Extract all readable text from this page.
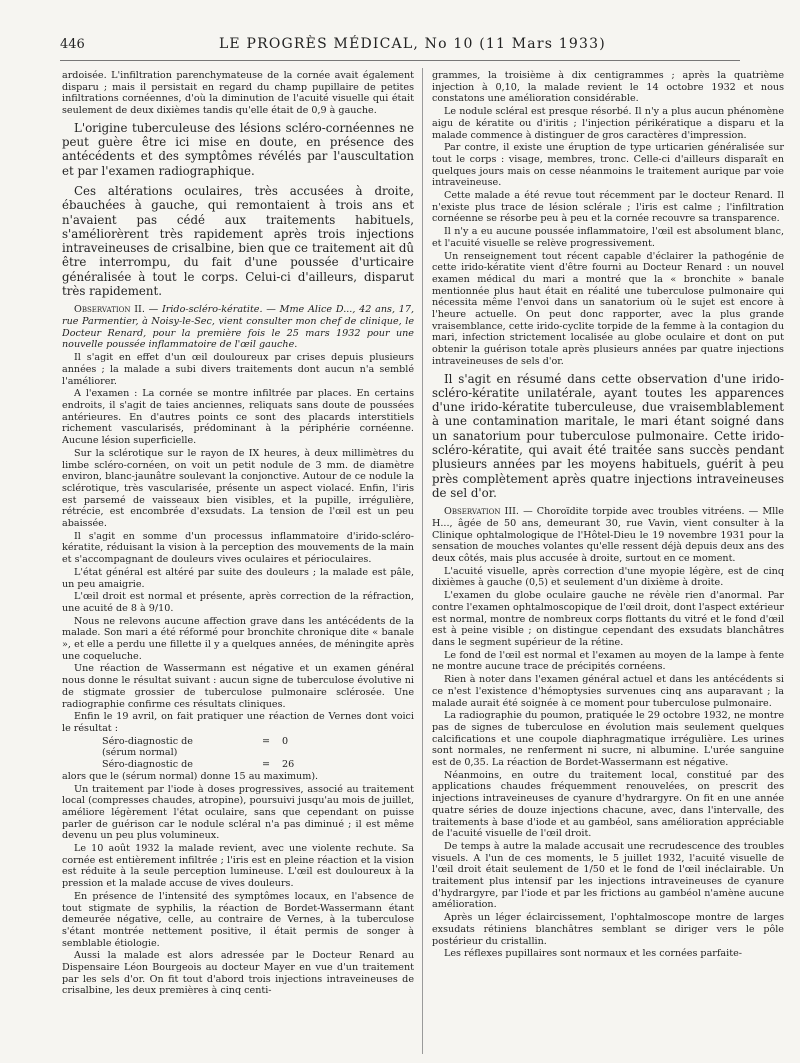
446	LE PROGRÈS MÉDICAL, No 10 (11 Mars 1933)

ardoisée. L'infiltration parenchymateuse de la cornée avait également disparu ; mais il persistait en regard du champ pupillaire de petites infiltrations cornéennes, d'où la diminution de l'acuité visuelle qui était seulement de deux dixièmes tandis qu'elle était de 0,9 à gauche.

L'origine tuberculeuse des lésions scléro-cornéennes ne peut guère être ici mise en doute, en présence des antécédents et des symptômes révélés par l'auscultation et par l'examen radiographique.

Ces altérations oculaires, très accusées à droite, ébauchées à gauche, qui remontaient à trois ans et n'avaient pas cédé aux traitements habituels, s'améliorèrent très rapidement après trois injections intraveineuses de crisalbine, bien que ce traitement ait dû être interrompu, du fait d'une poussée d'urticaire généralisée à tout le corps. Celui-ci d'ailleurs, disparut très rapidement.

Observation II. — Irido-scléro-kératite. — Mme Alice D..., 42 ans, 17, rue Parmentier, à Noisy-le-Sec, vient consulter mon chef de clinique, le Docteur Renard, pour la première fois le 25 mars 1932 pour une nouvelle poussée inflammatoire de l'œil gauche.

Il s'agit en effet d'un œil douloureux par crises depuis plusieurs années ; la malade a subi divers traitements dont aucun n'a semblé l'améliorer.

A l'examen : La cornée se montre infiltrée par places. En certains endroits, il s'agit de taies anciennes, reliquats sans doute de poussées antérieures. En d'autres points ce sont des placards interstitiels richement vascularisés, prédominant à la périphérie cornéenne. Aucune lésion superficielle.

Sur la sclérotique sur le rayon de IX heures, à deux millimètres du limbe scléro-cornéen, on voit un petit nodule de 3 mm. de diamètre environ, blanc-jaunâtre soulevant la conjonctive. Autour de ce nodule la sclérotique, très vascularisée, présente un aspect violacé. Enfin, l'iris est parsemé de vaisseaux bien visibles, et la pupille, irrégulière, rétrécie, est encombrée d'exsudats. La tension de l'œil est un peu abaissée.

Il s'agit en somme d'un processus inflammatoire d'irido-scléro-kératite, réduisant la vision à la perception des mouvements de la main et s'accompagnant de douleurs vives oculaires et périoculaires.

L'état général est altéré par suite des douleurs ; la malade est pâle, un peu amaigrie.

L'œil droit est normal et présente, après correction de la réfraction, une acuité de 8 à 9/10.

Nous ne relevons aucune affection grave dans les antécédents de la malade. Son mari a été réformé pour bronchite chronique dite « banale », et elle a perdu une fillette il y a quelques années, de méningite après une coqueluche.

Une réaction de Wassermann est négative et un examen général nous donne le résultat suivant : aucun signe de tuberculose évolutive ni de stigmate grossier de tuberculose pulmonaire sclérosée. Une radiographie confirme ces résultats cliniques.

Enfin le 19 avril, on fait pratiquer une réaction de Vernes dont voici le résultat :

Séro-diagnostic de	=	0
(sérum normal)
Séro-diagnostic de	=	26

alors que le (sérum normal) donne 15 au maximum).

Un traitement par l'iode à doses progressives, associé au traitement local (compresses chaudes, atropine), poursuivi jusqu'au mois de juillet, améliore légèrement l'état oculaire, sans que cependant on puisse parler de guérison car le nodule scléral n'a pas diminué ; il est même devenu un peu plus volumineux.

Le 10 août 1932 la malade revient, avec une violente rechute. Sa cornée est entièrement infiltrée ; l'iris est en pleine réaction et la vision est réduite à la seule perception lumineuse. L'œil est douloureux à la pression et la malade accuse de vives douleurs.

En présence de l'intensité des symptômes locaux, en l'absence de tout stigmate de syphilis, la réaction de Bordet-Wassermann étant demeurée négative, celle, au contraire de Vernes, à la tuberculose s'étant montrée nettement positive, il était permis de songer à semblable étiologie.

Aussi la malade est alors adressée par le Docteur Renard au Dispensaire Léon Bourgeois au docteur Mayer en vue d'un traitement par les sels d'or. On fit tout d'abord trois injections intraveineuses de crisalbine, les deux premières à cinq centi-

grammes, la troisième à dix centigrammes ; après la quatrième injection à 0,10, la malade revient le 14 octobre 1932 et nous constatons une amélioration considérable.

Le nodule scléral est presque résorbé. Il n'y a plus aucun phénomène aigu de kératite ou d'iritis ; l'injection périkératique a disparu et la malade commence à distinguer de gros caractères d'impression.

Par contre, il existe une éruption de type urticarien généralisée sur tout le corps : visage, membres, tronc. Celle-ci d'ailleurs disparaît en quelques jours mais on cesse néanmoins le traitement aurique par voie intraveineuse.

Cette malade a été revue tout récemment par le docteur Renard. Il n'existe plus trace de lésion sclérale ; l'iris est calme ; l'infiltration cornéenne se résorbe peu à peu et la cornée recouvre sa transparence.

Il n'y a eu aucune poussée inflammatoire, l'œil est absolument blanc, et l'acuité visuelle se relève progressivement.

Un renseignement tout récent capable d'éclairer la pathogénie de cette irido-kératite vient d'être fourni au Docteur Renard : un nouvel examen médical du mari a montré que la « bronchite » banale mentionnée plus haut était en réalité une tuberculose pulmonaire qui nécessita même l'envoi dans un sanatorium où le sujet est encore à l'heure actuelle. On peut donc rapporter, avec la plus grande vraisemblance, cette irido-cyclite torpide de la femme à la contagion du mari, infection strictement localisée au globe oculaire et dont on put obtenir la guérison totale après plusieurs années par quatre injections intraveineuses de sels d'or.

Il s'agit en résumé dans cette observation d'une irido-scléro-kératite unilatérale, ayant toutes les apparences d'une irido-kératite tuberculeuse, due vraisemblablement à une contamination maritale, le mari étant soigné dans un sanatorium pour tuberculose pulmonaire. Cette irido-scléro-kératite, qui avait été traitée sans succès pendant plusieurs années par les moyens habituels, guérit à peu près complètement après quatre injections intraveineuses de sel d'or.

Observation III. — Choroïdite torpide avec troubles vitréens. — Mlle H..., âgée de 50 ans, demeurant 30, rue Vavin, vient consulter à la Clinique ophtalmologique de l'Hôtel-Dieu le 19 novembre 1931 pour la sensation de mouches volantes qu'elle ressent déjà depuis deux ans des deux côtés, mais plus accusée à droite, surtout en ce moment.

L'acuité visuelle, après correction d'une myopie légère, est de cinq dixièmes à gauche (0,5) et seulement d'un dixième à droite.

L'examen du globe oculaire gauche ne révèle rien d'anormal. Par contre l'examen ophtalmoscopique de l'œil droit, dont l'aspect extérieur est normal, montre de nombreux corps flottants du vitré et le fond d'œil est à peine visible ; on distingue cependant des exsudats blanchâtres dans le segment supérieur de la rétine.

Le fond de l'œil est normal et l'examen au moyen de la lampe à fente ne montre aucune trace de précipités cornéens.

Rien à noter dans l'examen général actuel et dans les antécédents si ce n'est l'existence d'hémoptysies survenues cinq ans auparavant ; la malade aurait été soignée à ce moment pour tuberculose pulmonaire.

La radiographie du poumon, pratiquée le 29 octobre 1932, ne montre pas de signes de tuberculose en évolution mais seulement quelques calcifications et une coupole diaphragmatique irrégulière. Les urines sont normales, ne renferment ni sucre, ni albumine. L'urée sanguine est de 0,35. La réaction de Bordet-Wassermann est négative.

Néanmoins, en outre du traitement local, constitué par des applications chaudes fréquemment renouvelées, on prescrit des injections intraveineuses de cyanure d'hydrargyre. On fit en une année quatre séries de douze injections chacune, avec, dans l'intervalle, des traitements à base d'iode et au gambéol, sans amélioration appréciable de l'acuité visuelle de l'œil droit.

De temps à autre la malade accusait une recrudescence des troubles visuels. A l'un de ces moments, le 5 juillet 1932, l'acuité visuelle de l'œil droit était seulement de 1/50 et le fond de l'œil inéclairable. Un traitement plus intensif par les injections intraveineuses de cyanure d'hydrargyre, par l'iode et par les frictions au gambéol n'amène aucune amélioration.

Après un léger éclaircissement, l'ophtalmoscope montre de larges exsudats rétiniens blanchâtres semblant se diriger vers le pôle postérieur du cristallin.

Les réflexes pupillaires sont normaux et les cornées parfaite-
